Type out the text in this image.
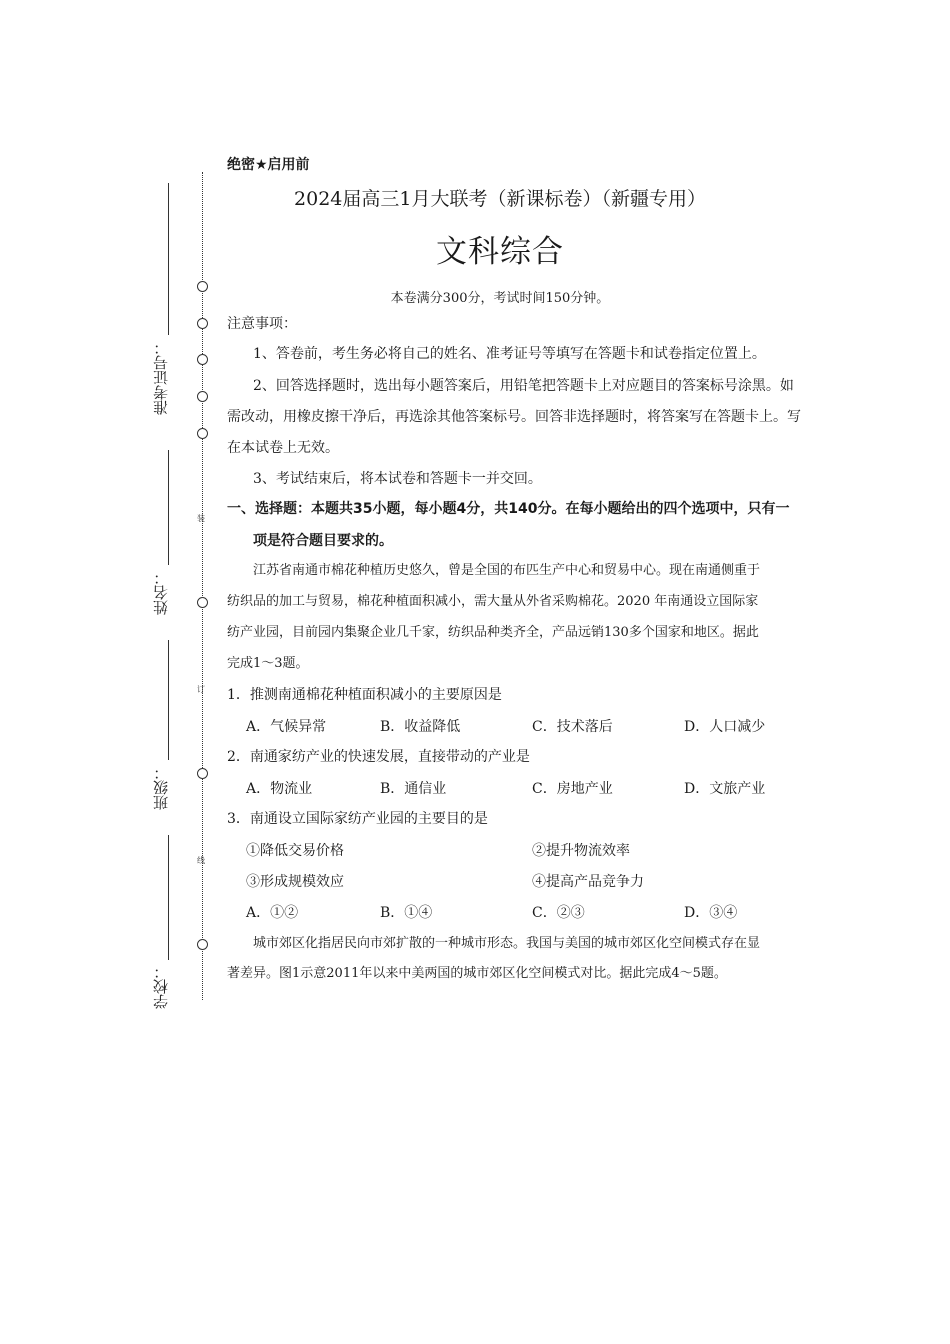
装
订
线
准考证号：
姓名：
班级：
学校：
绝密★启用前
2024届高三1月大联考（新课标卷）（新疆专用）
文科综合
本卷满分300分，考试时间150分钟。
注意事项：
1、答卷前，考生务必将自己的姓名、准考证号等填写在答题卡和试卷指定位置上。
2、回答选择题时，选出每小题答案后，用铅笔把答题卡上对应题目的答案标号涂黑。如
需改动，用橡皮擦干净后，再选涂其他答案标号。回答非选择题时，将答案写在答题卡上。写
在本试卷上无效。
3、考试结束后，将本试卷和答题卡一并交回。
一、选择题：本题共35小题，每小题4分，共140分。在每小题给出的四个选项中，只有一
项是符合题目要求的。
江苏省南通市棉花种植历史悠久，曾是全国的布匹生产中心和贸易中心。现在南通侧重于
纺织品的加工与贸易，棉花种植面积减小，需大量从外省采购棉花。2020 年南通设立国际家
纺产业园，目前园内集聚企业几千家，纺织品种类齐全，产品远销130多个国家和地区。据此
完成1～3题。
1．推测南通棉花种植面积减小的主要原因是
A．气候异常	B．收益降低	C．技术落后	D．人口减少
2．南通家纺产业的快速发展，直接带动的产业是
A．物流业	B．通信业	C．房地产业	D．文旅产业
3．南通设立国际家纺产业园的主要目的是
①降低交易价格	②提升物流效率
③形成规模效应	④提高产品竞争力
A．①②	B．①④	C．②③	D．③④
城市郊区化指居民向市郊扩散的一种城市形态。我国与美国的城市郊区化空间模式存在显
著差异。图1示意2011年以来中美两国的城市郊区化空间模式对比。据此完成4～5题。
